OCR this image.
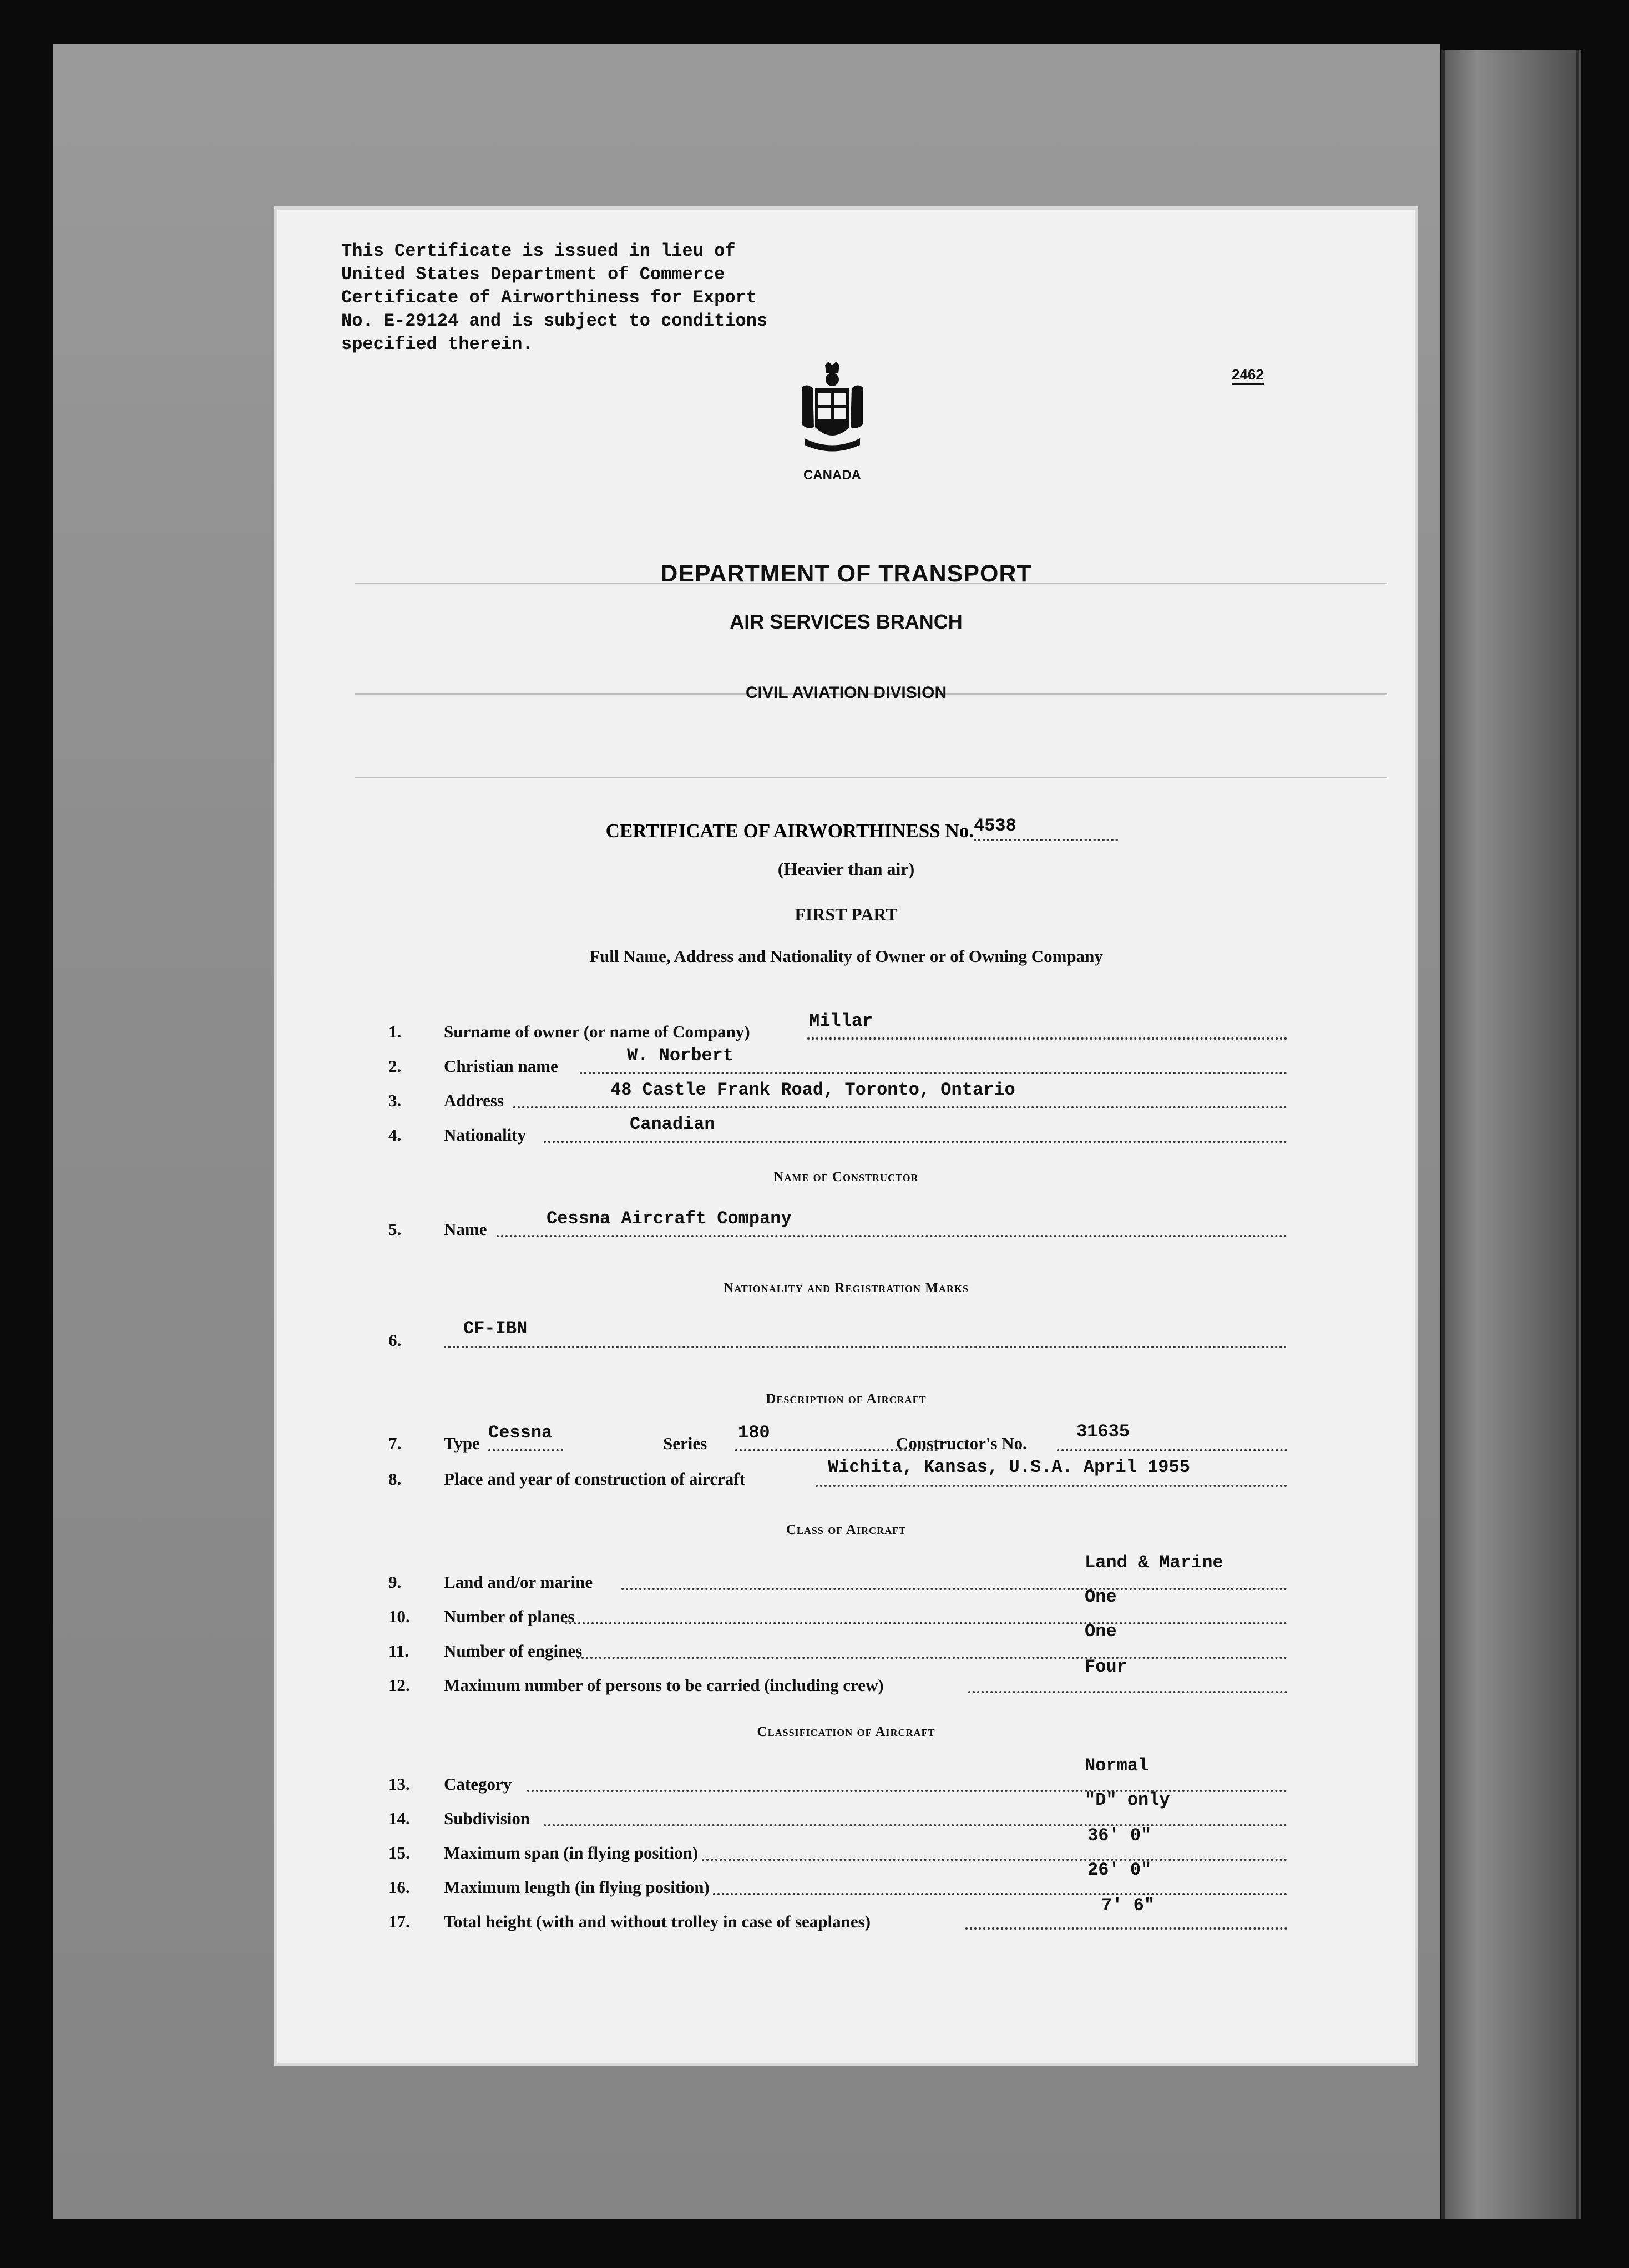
This Certificate is issued in lieu of
United States Department of Commerce
Certificate of Airworthiness for Export
No. E-29124 and is subject to conditions
specified therein.
2462
CANADA
DEPARTMENT OF TRANSPORT
AIR SERVICES BRANCH
CIVIL AVIATION DIVISION
CERTIFICATE OF AIRWORTHINESS No. 4538
(Heavier than air)
FIRST PART
Full Name, Address and Nationality of Owner or of Owning Company
1. Surname of owner (or name of Company)
Millar
2. Christian name
W. Norbert
3. Address
48 Castle Frank Road, Toronto, Ontario
4. Nationality
Canadian
Name of Constructor
5. Name
Cessna Aircraft Company
Nationality and Registration Marks
6.
CF-IBN
Description of Aircraft
7. Type	Series	Constructor's No.
Cessna	180	31635
8. Place and year of construction of aircraft
Wichita, Kansas, U.S.A. April 1955
Class of Aircraft
9. Land and/or marine
Land & Marine
10. Number of planes
One
11. Number of engines
One
12. Maximum number of persons to be carried (including crew)
Four
Classification of Aircraft
13. Category
Normal
14. Subdivision
"D" only
15. Maximum span (in flying position)
36' 0"
16. Maximum length (in flying position)
26' 0"
17. Total height (with and without trolley in case of seaplanes)
7' 6"
